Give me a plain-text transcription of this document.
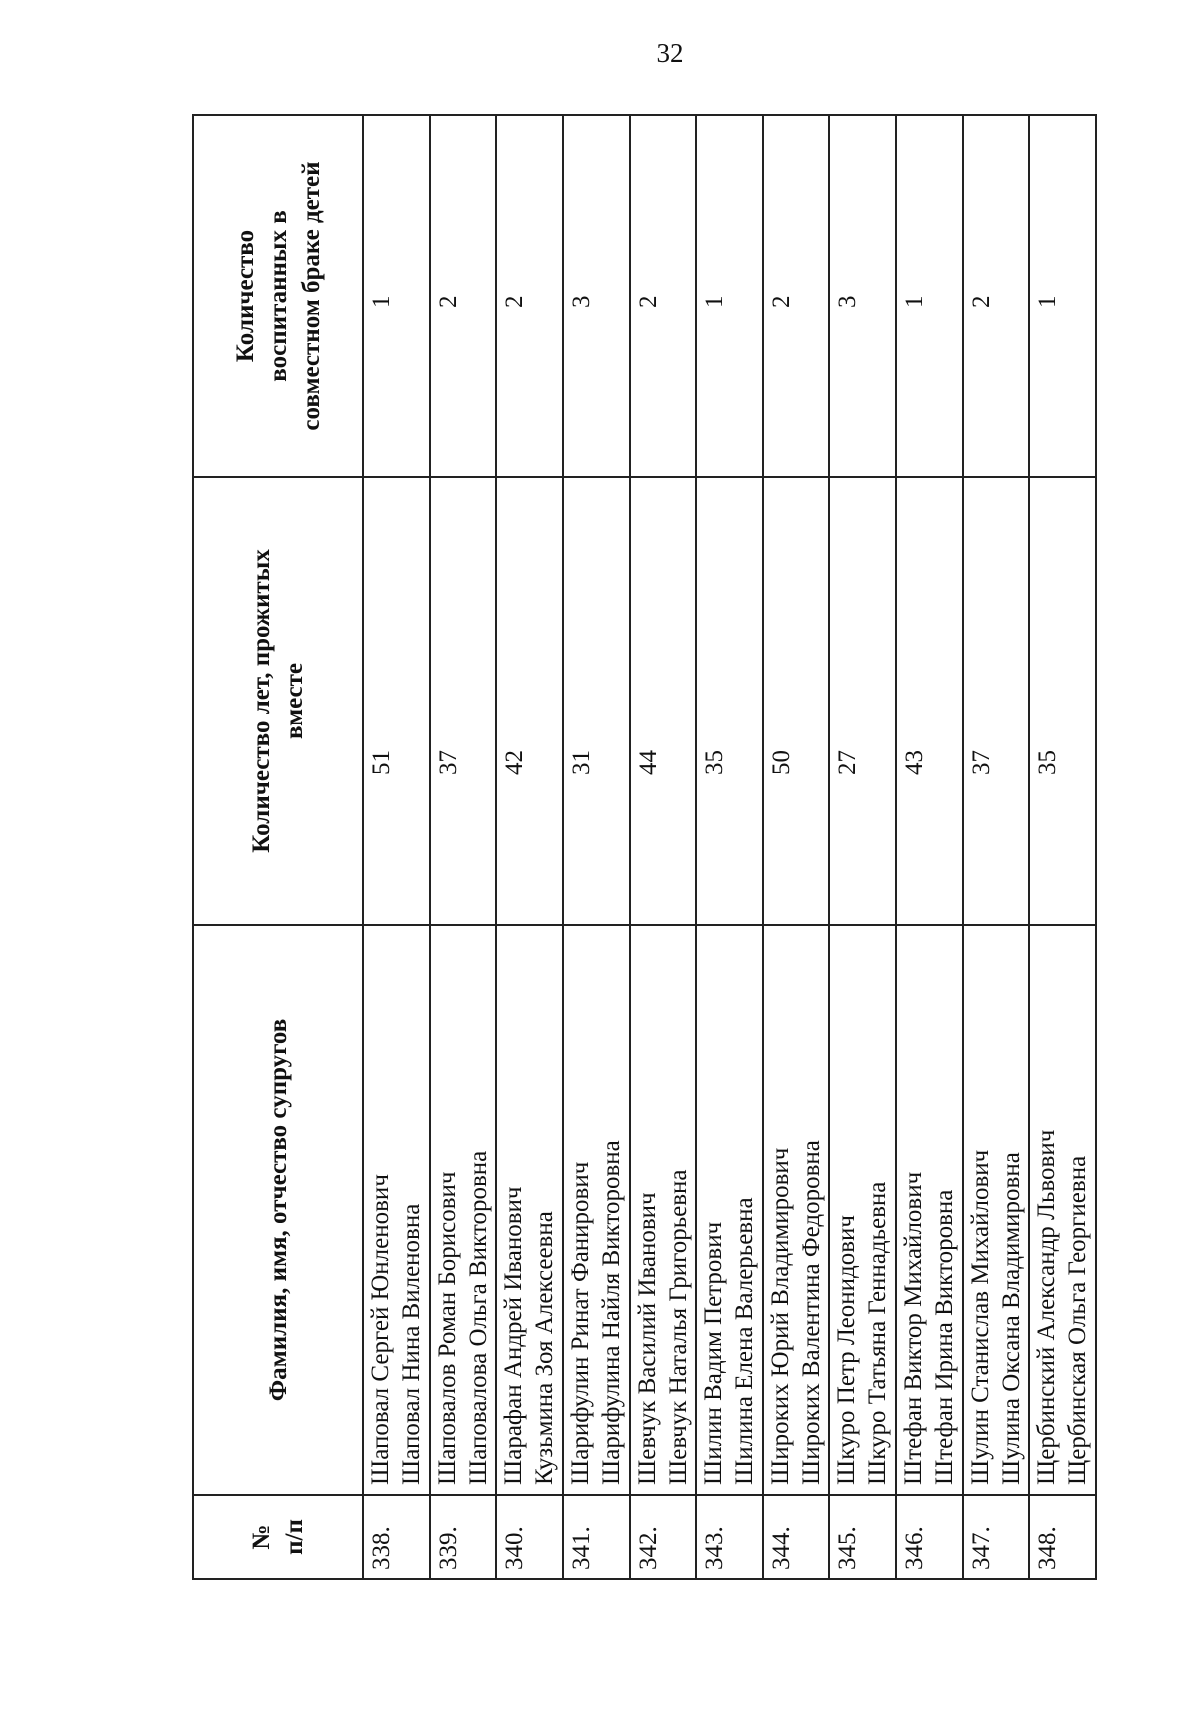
32
№ п/п	Фамилия, имя, отчество супругов	Количество лет, прожитых вместе	Количество воспитанных в совместном браке детей

338.	Шаповал Сергей Юнленович Шаповал Нина Виленовна	51	1
339.	Шаповалов Роман Борисович Шаповалова Ольга Викторовна	37	2
340.	Шарафан Андрей Иванович Кузьмина Зоя Алексеевна	42	2
341.	Шарифулин Ринат Фанирович Шарифулина Найля Викторовна	31	3
342.	Шевчук Василий Иванович Шевчук Наталья Григорьевна	44	2
343.	Шилин Вадим Петрович Шилина Елена Валерьевна	35	1
344.	Широких Юрий Владимирович Широких Валентина Федоровна	50	2
345.	Шкуро Петр Леонидович Шкуро Татьяна Геннадьевна	27	3
346.	Штефан Виктор Михайлович Штефан Ирина Викторовна	43	1
347.	Шулин Станислав Михайлович Шулина Оксана Владимировна	37	2
348.	Щербинский Александр Львович Щербинская Ольга Георгиевна	35	1
